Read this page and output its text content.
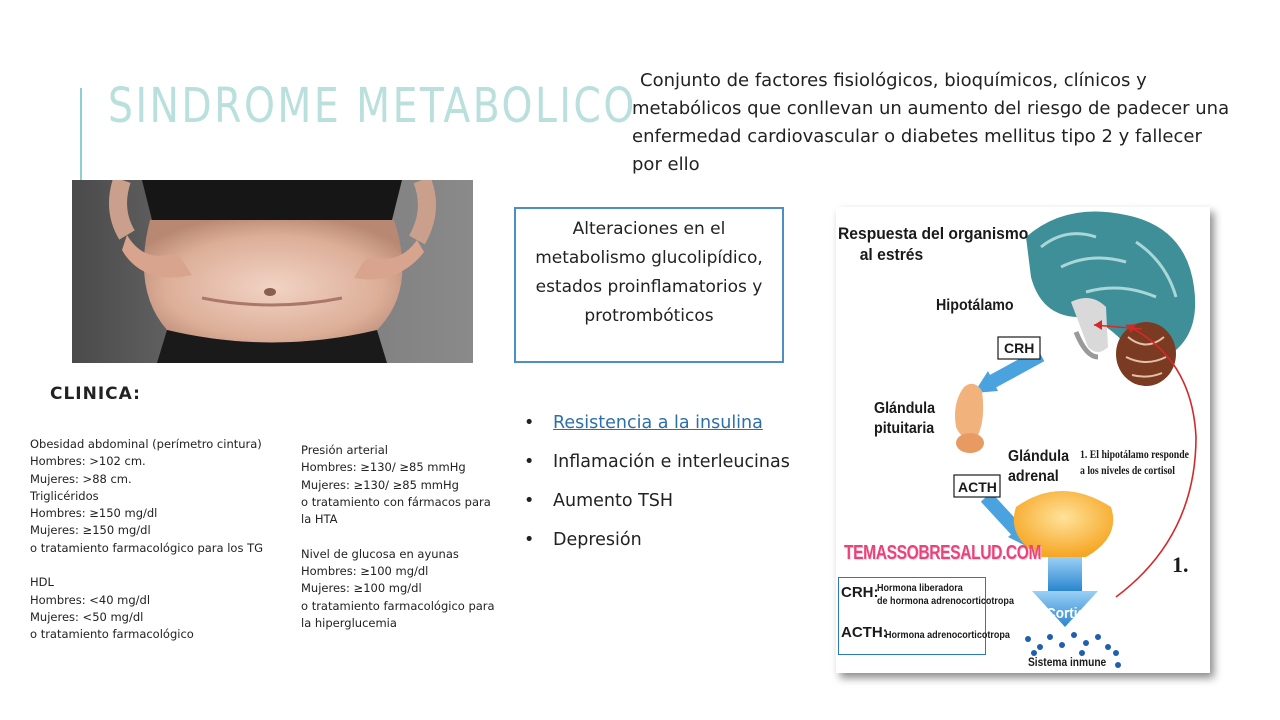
SINDROME METABOLICO Conjunto de factores fisiológicos, bioquímicos, clínicos y metabólicos que conllevan un aumento del riesgo de padecer una enfermedad cardiovascular o diabetes mellitus tipo 2 y fallecer por ello

Alteraciones en el metabolismo glucolipídico, estados proinflamatorios y protrombóticos
CLINICA:
Obesidad abdominal (perímetro cintura)
Hombres: >102 cm.
Mujeres: >88 cm.
Triglicéridos
Hombres: ≥150 mg/dl
Mujeres: ≥150 mg/dl
o tratamiento farmacológico para los TG

HDL
Hombres: <40 mg/dl
Mujeres: <50 mg/dl
o tratamiento farmacológico
Presión arterial
Hombres: ≥130/ ≥85 mmHg
Mujeres: ≥130/ ≥85 mmHg
o tratamiento con fármacos para
la HTA

Nivel de glucosa en ayunas
Hombres: ≥100 mg/dl
Mujeres: ≥100 mg/dl
o tratamiento farmacológico para
la hiperglucemia
• Resistencia a la insulina
• Inflamación e interleucinas
• Aumento TSH
• Depresión
Respuesta del organismo
al estrés
Hipotálamo
CRH
Glándula
pituitaria
ACTH
Glándula
adrenal
1. El hipotálamo responde
a los niveles de cortisol
TEMASSOBRESALUD.COM	1.
Cortisol
CRH:
Hormona liberadora
de hormona adrenocorticotropa
ACTH:
Hormona adrenocorticotropa
Sistema inmune
